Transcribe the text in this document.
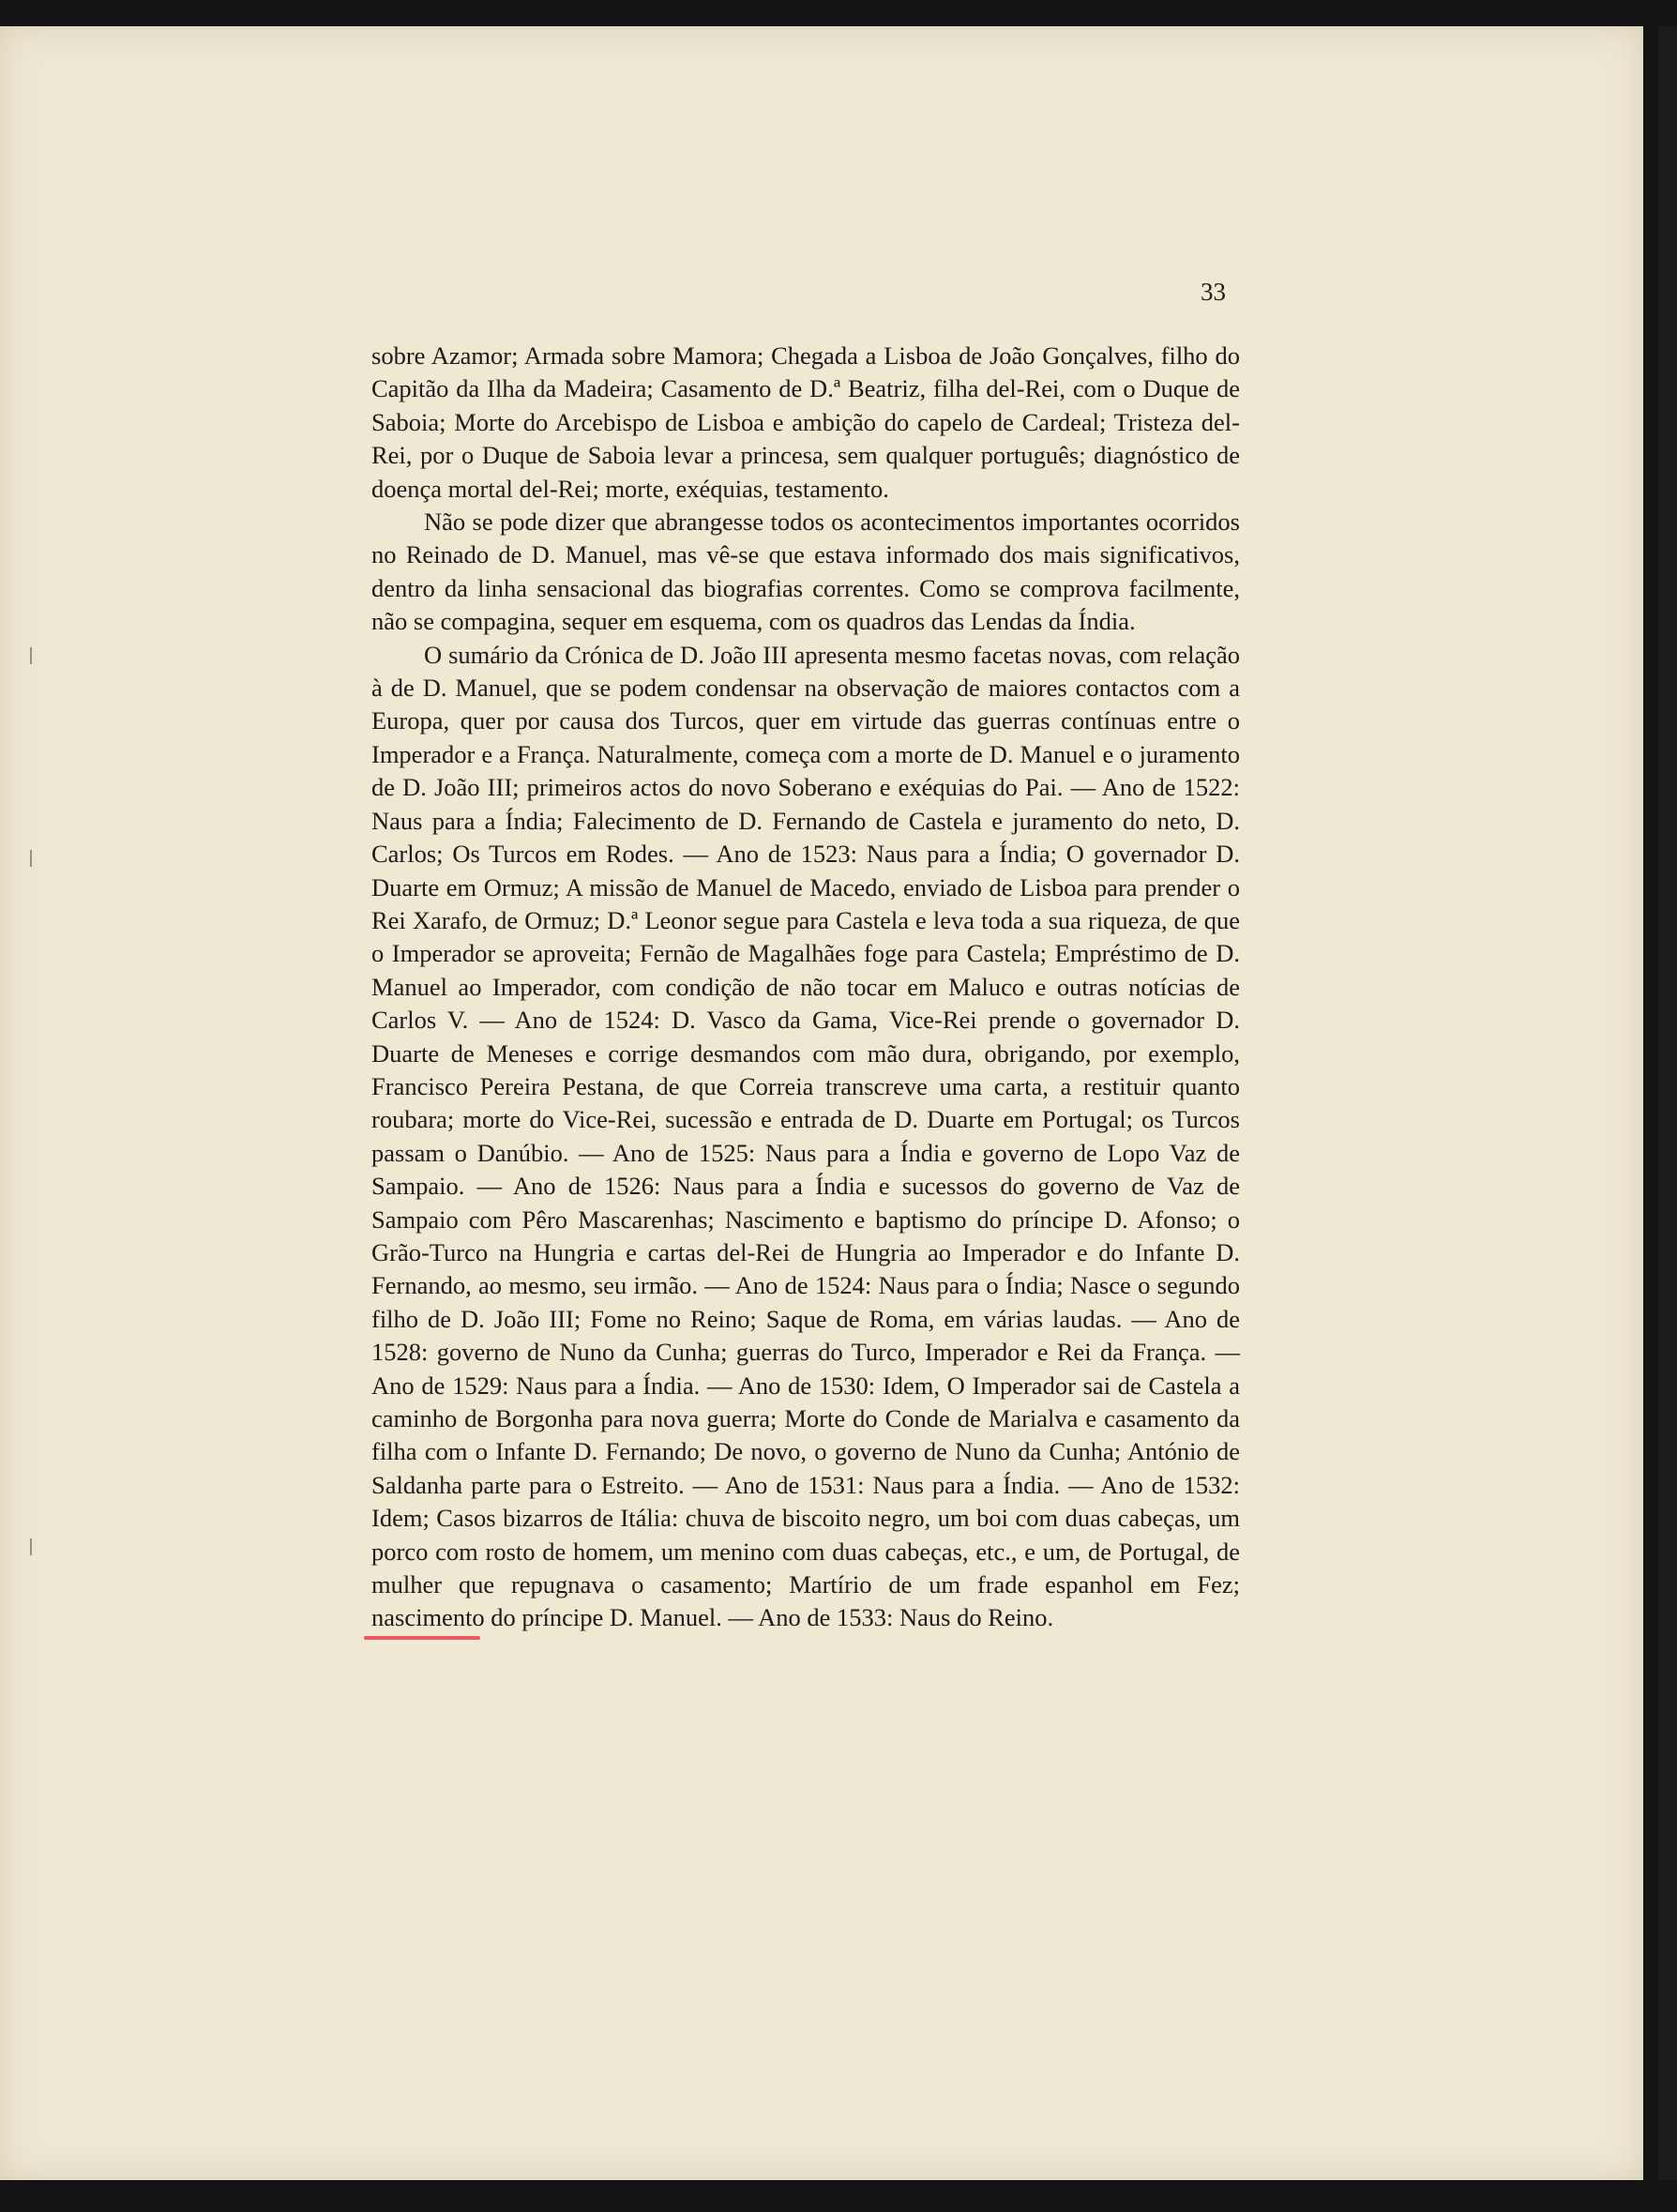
33

sobre Azamor; Armada sobre Mamora; Chegada a Lisboa de João Gonçalves, filho do Capitão da Ilha da Madeira; Casamento de D.ª Beatriz, filha del-Rei, com o Duque de Saboia; Morte do Arcebispo de Lisboa e ambição do capelo de Cardeal; Tristeza del-Rei, por o Duque de Saboia levar a princesa, sem qualquer português; diagnóstico de doença mortal del-Rei; morte, exéquias, testamento.

Não se pode dizer que abrangesse todos os acontecimentos importantes ocorridos no Reinado de D. Manuel, mas vê-se que estava informado dos mais significativos, dentro da linha sensacional das biografias correntes. Como se comprova facilmente, não se compagina, sequer em esquema, com os quadros das Lendas da Índia.

O sumário da Crónica de D. João III apresenta mesmo facetas novas, com relação à de D. Manuel, que se podem condensar na observação de maiores contactos com a Europa, quer por causa dos Turcos, quer em virtude das guerras contínuas entre o Imperador e a França. Naturalmente, começa com a morte de D. Manuel e o juramento de D. João III; primeiros actos do novo Soberano e exéquias do Pai. — Ano de 1522: Naus para a Índia; Falecimento de D. Fernando de Castela e juramento do neto, D. Carlos; Os Turcos em Rodes. — Ano de 1523: Naus para a Índia; O governador D. Duarte em Ormuz; A missão de Manuel de Macedo, enviado de Lisboa para prender o Rei Xarafo, de Ormuz; D.ª Leonor segue para Castela e leva toda a sua riqueza, de que o Imperador se aproveita; Fernão de Magalhães foge para Castela; Empréstimo de D. Manuel ao Imperador, com condição de não tocar em Maluco e outras notícias de Carlos V. — Ano de 1524: D. Vasco da Gama, Vice-Rei prende o governador D. Duarte de Meneses e corrige desmandos com mão dura, obrigando, por exemplo, Francisco Pereira Pestana, de que Correia transcreve uma carta, a restituir quanto roubara; morte do Vice-Rei, sucessão e entrada de D. Duarte em Portugal; os Turcos passam o Danúbio. — Ano de 1525: Naus para a Índia e governo de Lopo Vaz de Sampaio. — Ano de 1526: Naus para a Índia e sucessos do governo de Vaz de Sampaio com Pêro Mascarenhas; Nascimento e baptismo do príncipe D. Afonso; o Grão-Turco na Hungria e cartas del-Rei de Hungria ao Imperador e do Infante D. Fernando, ao mesmo, seu irmão. — Ano de 1524: Naus para o Índia; Nasce o segundo filho de D. João III; Fome no Reino; Saque de Roma, em várias laudas. — Ano de 1528: governo de Nuno da Cunha; guerras do Turco, Imperador e Rei da França. — Ano de 1529: Naus para a Índia. — Ano de 1530: Idem, O Imperador sai de Castela a caminho de Borgonha para nova guerra; Morte do Conde de Marialva e casamento da filha com o Infante D. Fernando; De novo, o governo de Nuno da Cunha; António de Saldanha parte para o Estreito. — Ano de 1531: Naus para a Índia. — Ano de 1532: Idem; Casos bizarros de Itália: chuva de biscoito negro, um boi com duas cabeças, um porco com rosto de homem, um menino com duas cabeças, etc., e um, de Portugal, de mulher que repugnava o casamento; Martírio de um frade espanhol em Fez; nascimento do príncipe D. Manuel. — Ano de 1533: Naus do Reino.
